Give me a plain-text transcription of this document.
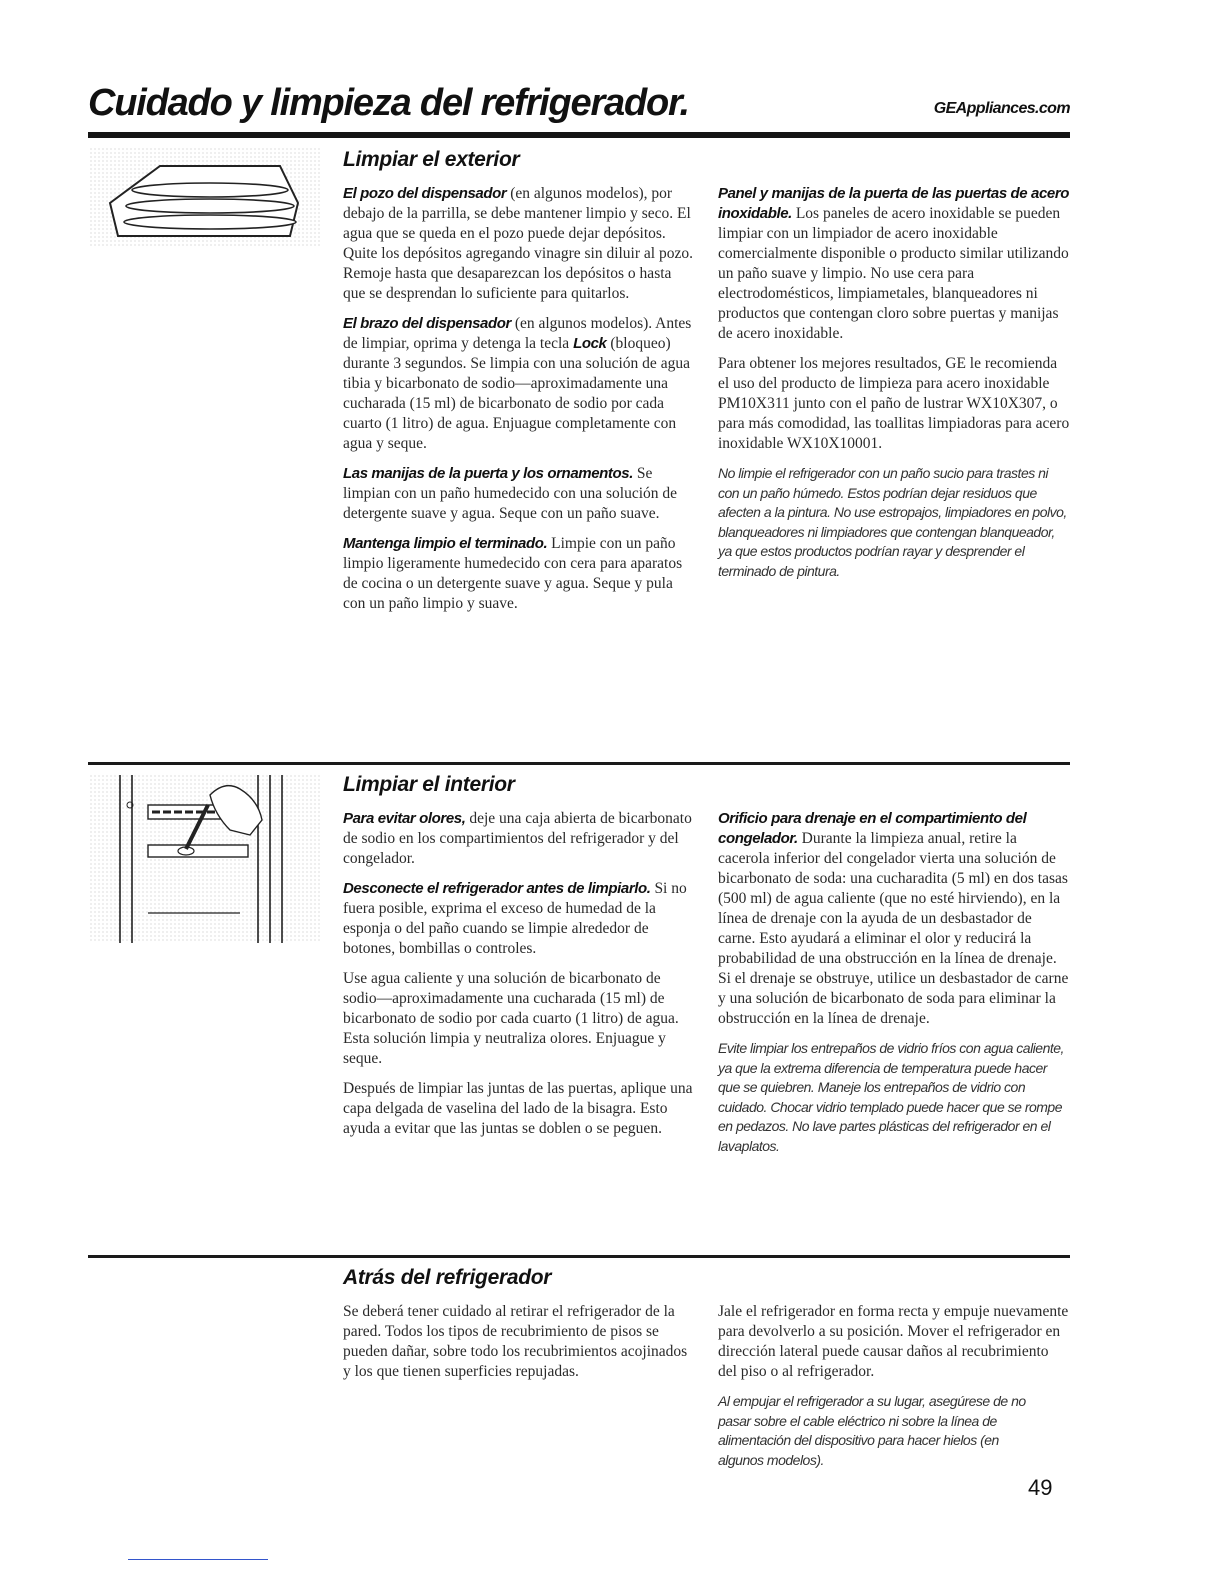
Cuidado y limpieza del refrigerador.	GEAppliances.com
Limpiar el exterior

El pozo del dispensador (en algunos modelos), por debajo de la parrilla, se debe mantener limpio y seco. El agua que se queda en el pozo puede dejar depósitos. Quite los depósitos agregando vinagre sin diluir al pozo. Remoje hasta que desaparezcan los depósitos o hasta que se desprendan lo suficiente para quitarlos.

El brazo del dispensador (en algunos modelos). Antes de limpiar, oprima y detenga la tecla Lock (bloqueo) durante 3 segundos. Se limpia con una solución de agua tibia y bicarbonato de sodio—aproximadamente una cucharada (15 ml) de bicarbonato de sodio por cada cuarto (1 litro) de agua. Enjuague completamente con agua y seque.

Las manijas de la puerta y los ornamentos. Se limpian con un paño humedecido con una solución de detergente suave y agua. Seque con un paño suave.

Mantenga limpio el terminado. Limpie con un paño limpio ligeramente humedecido con cera para aparatos de cocina o un detergente suave y agua. Seque y pula con un paño limpio y suave.

Panel y manijas de la puerta de las puertas de acero inoxidable. Los paneles de acero inoxidable se pueden limpiar con un limpiador de acero inoxidable comercialmente disponible o producto similar utilizando un paño suave y limpio. No use cera para electrodomésticos, limpiametales, blanqueadores ni productos que contengan cloro sobre puertas y manijas de acero inoxidable.

Para obtener los mejores resultados, GE le recomienda el uso del producto de limpieza para acero inoxidable PM10X311 junto con el paño de lustrar WX10X307, o para más comodidad, las toallitas limpiadoras para acero inoxidable WX10X10001.

No limpie el refrigerador con un paño sucio para trastes ni con un paño húmedo. Estos podrían dejar residuos que afecten a la pintura. No use estropajos, limpiadores en polvo, blanqueadores ni limpiadores que contengan blanqueador, ya que estos productos podrían rayar y desprender el terminado de pintura.

Limpiar el interior

Para evitar olores, deje una caja abierta de bicarbonato de sodio en los compartimientos del refrigerador y del congelador.

Desconecte el refrigerador antes de limpiarlo. Si no fuera posible, exprima el exceso de humedad de la esponja o del paño cuando se limpie alrededor de botones, bombillas o controles.

Use agua caliente y una solución de bicarbonato de sodio—aproximadamente una cucharada (15 ml) de bicarbonato de sodio por cada cuarto (1 litro) de agua. Esta solución limpia y neutraliza olores. Enjuague y seque.

Después de limpiar las juntas de las puertas, aplique una capa delgada de vaselina del lado de la bisagra. Esto ayuda a evitar que las juntas se doblen o se peguen.

Orificio para drenaje en el compartimiento del congelador. Durante la limpieza anual, retire la cacerola inferior del congelador vierta una solución de bicarbonato de soda: una cucharadita (5 ml) en dos tasas (500 ml) de agua caliente (que no esté hirviendo), en la línea de drenaje con la ayuda de un desbastador de carne. Esto ayudará a eliminar el olor y reducirá la probabilidad de una obstrucción en la línea de drenaje. Si el drenaje se obstruye, utilice un desbastador de carne y una solución de bicarbonato de soda para eliminar la obstrucción en la línea de drenaje.

Evite limpiar los entrepaños de vidrio fríos con agua caliente, ya que la extrema diferencia de temperatura puede hacer que se quiebren. Maneje los entrepaños de vidrio con cuidado. Chocar vidrio templado puede hacer que se rompe en pedazos. No lave partes plásticas del refrigerador en el lavaplatos.

Atrás del refrigerador

Se deberá tener cuidado al retirar el refrigerador de la pared. Todos los tipos de recubrimiento de pisos se pueden dañar, sobre todo los recubrimientos acojinados y los que tienen superficies repujadas.

Jale el refrigerador en forma recta y empuje nuevamente para devolverlo a su posición. Mover el refrigerador en dirección lateral puede causar daños al recubrimiento del piso o al refrigerador.

Al empujar el refrigerador a su lugar, asegúrese de no pasar sobre el cable eléctrico ni sobre la línea de alimentación del dispositivo para hacer hielos (en algunos modelos).

49
